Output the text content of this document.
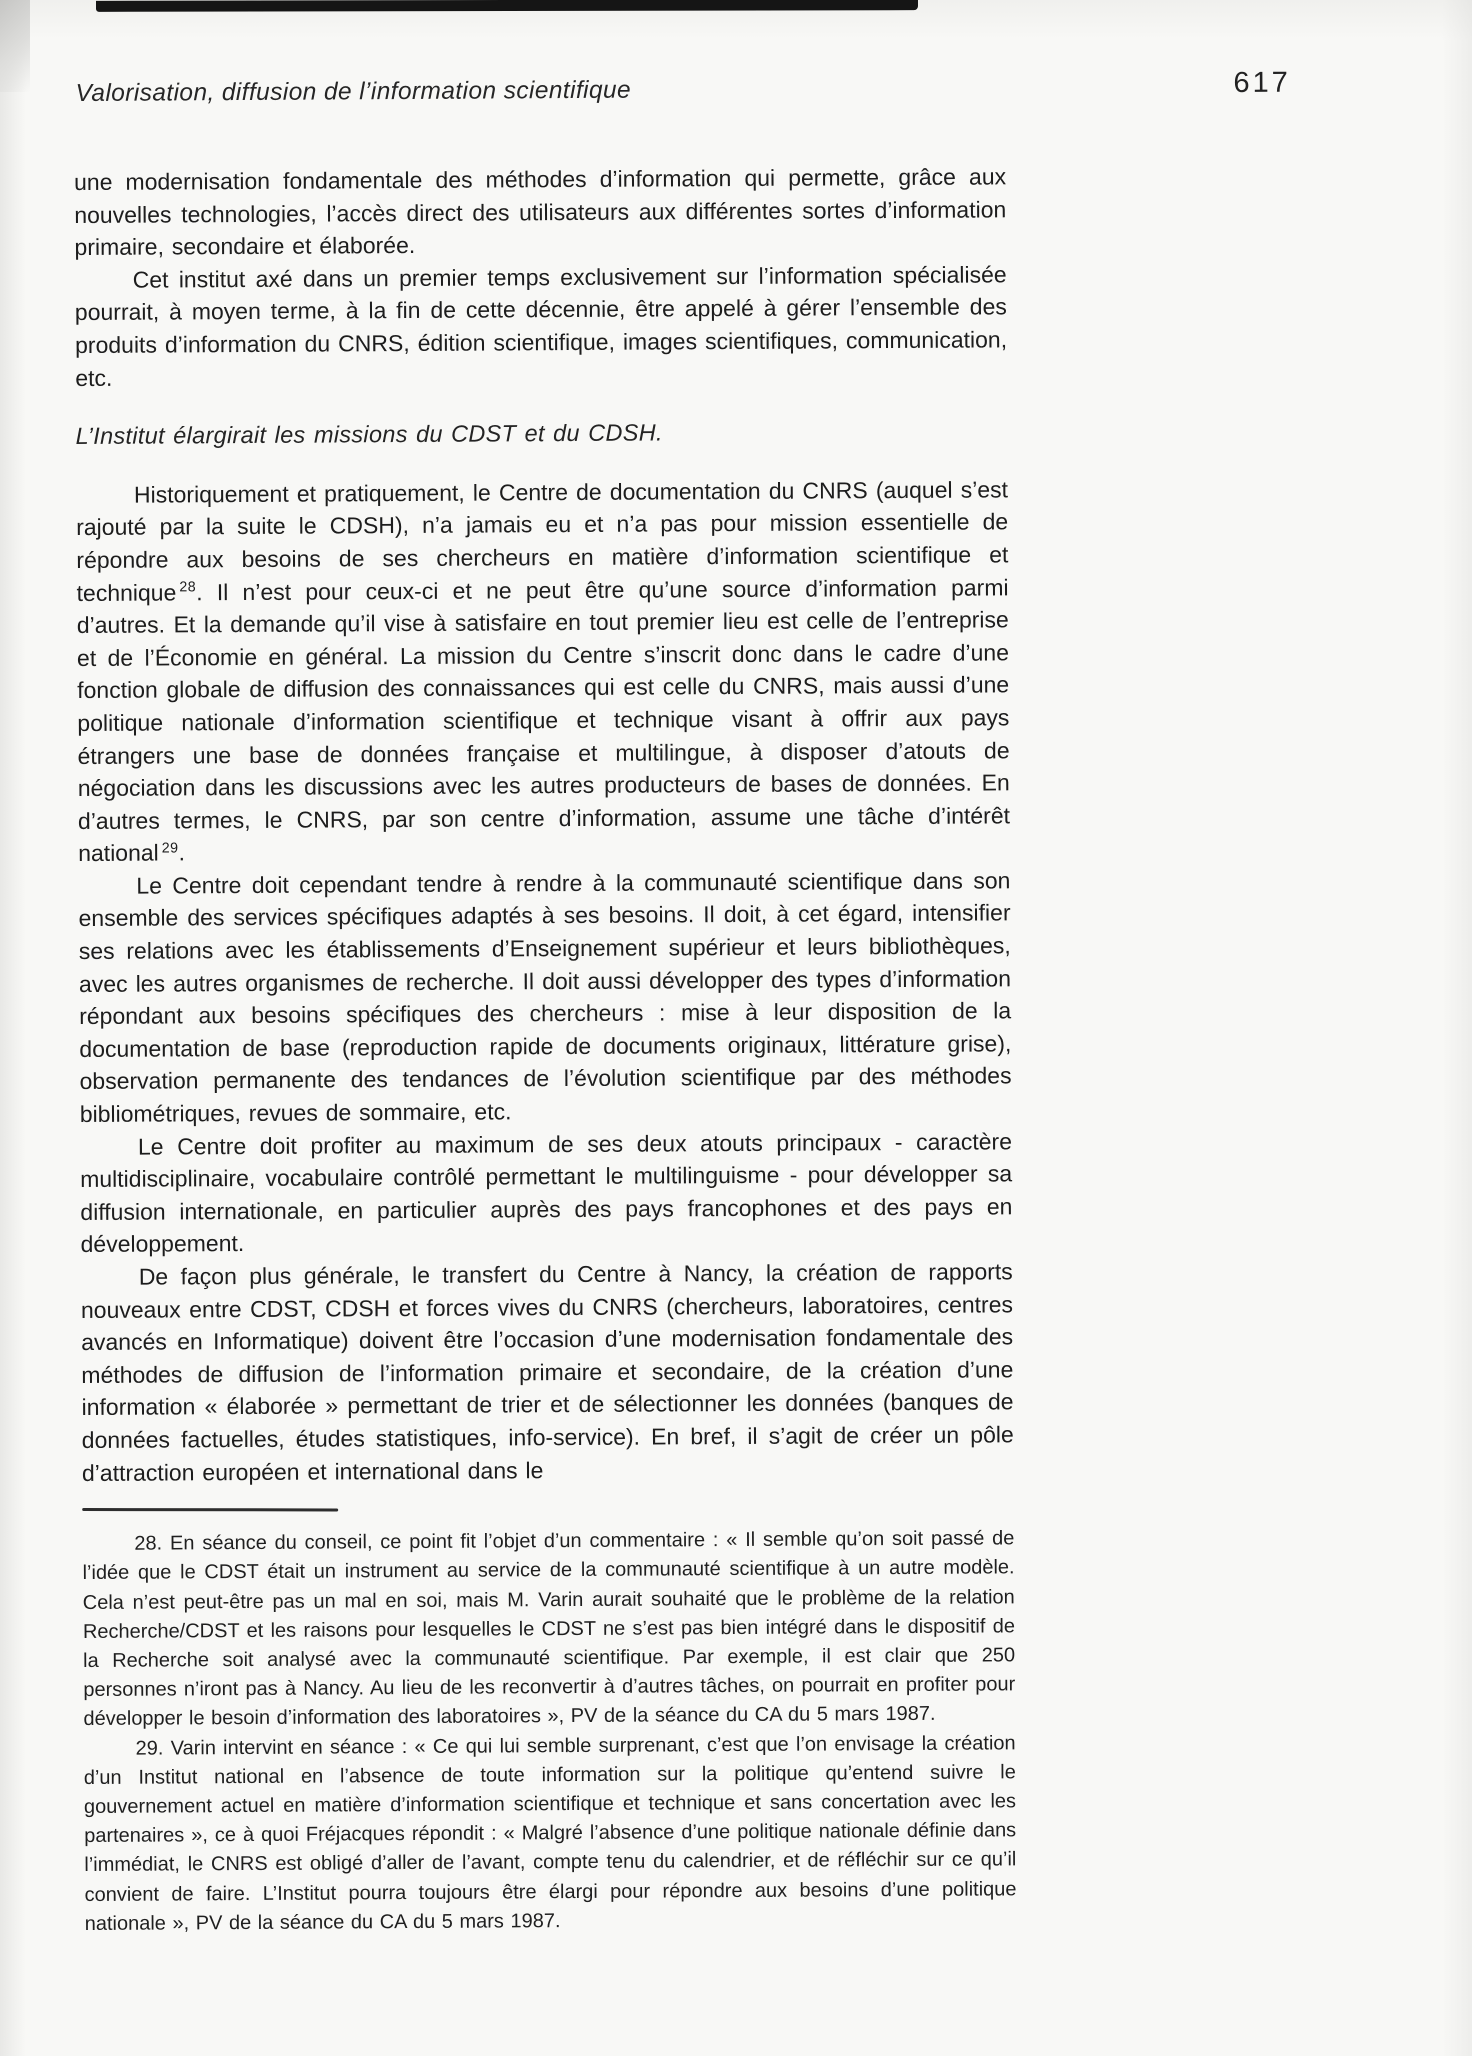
Valorisation, diffusion de l’information scientifique	617

une modernisation fondamentale des méthodes d’information qui permette, grâce aux nouvelles technologies, l’accès direct des utilisateurs aux différentes sortes d’information primaire, secondaire et élaborée.

Cet institut axé dans un premier temps exclusivement sur l’information spécialisée pourrait, à moyen terme, à la fin de cette décennie, être appelé à gérer l’ensemble des produits d’information du CNRS, édition scientifique, images scientifiques, communication, etc.

L’Institut élargirait les missions du CDST et du CDSH.

Historiquement et pratiquement, le Centre de documentation du CNRS (auquel s’est rajouté par la suite le CDSH), n’a jamais eu et n’a pas pour mission essentielle de répondre aux besoins de ses chercheurs en matière d’information scientifique et technique $^{28}$. Il n’est pour ceux-ci et ne peut être qu’une source d’information parmi d’autres. Et la demande qu’il vise à satisfaire en tout premier lieu est celle de l’entreprise et de l’Économie en général. La mission du Centre s’inscrit donc dans le cadre d’une fonction globale de diffusion des connaissances qui est celle du CNRS, mais aussi d’une politique nationale d’information scientifique et technique visant à offrir aux pays étrangers une base de données française et multilingue, à disposer d’atouts de négociation dans les discussions avec les autres producteurs de bases de données. En d’autres termes, le CNRS, par son centre d’information, assume une tâche d’intérêt national $^{29}$.

Le Centre doit cependant tendre à rendre à la communauté scientifique dans son ensemble des services spécifiques adaptés à ses besoins. Il doit, à cet égard, intensifier ses relations avec les établissements d’Enseignement supérieur et leurs bibliothèques, avec les autres organismes de recherche. Il doit aussi développer des types d’information répondant aux besoins spécifiques des chercheurs : mise à leur disposition de la documentation de base (reproduction rapide de documents originaux, littérature grise), observation permanente des tendances de l’évolution scientifique par des méthodes bibliométriques, revues de sommaire, etc.

Le Centre doit profiter au maximum de ses deux atouts principaux - caractère multidisciplinaire, vocabulaire contrôlé permettant le multilinguisme - pour développer sa diffusion internationale, en particulier auprès des pays francophones et des pays en développement.

De façon plus générale, le transfert du Centre à Nancy, la création de rapports nouveaux entre CDST, CDSH et forces vives du CNRS (chercheurs, laboratoires, centres avancés en Informatique) doivent être l’occasion d’une modernisation fondamentale des méthodes de diffusion de l’information primaire et secondaire, de la création d’une information « élaborée » permettant de trier et de sélectionner les données (banques de données factuelles, études statistiques, info-service). En bref, il s’agit de créer un pôle d’attraction européen et international dans le

28. En séance du conseil, ce point fit l’objet d’un commentaire : « Il semble qu’on soit passé de l’idée que le CDST était un instrument au service de la communauté scientifique à un autre modèle. Cela n’est peut-être pas un mal en soi, mais M. Varin aurait souhaité que le problème de la relation Recherche/CDST et les raisons pour lesquelles le CDST ne s’est pas bien intégré dans le dispositif de la Recherche soit analysé avec la communauté scientifique. Par exemple, il est clair que 250 personnes n’iront pas à Nancy. Au lieu de les reconvertir à d’autres tâches, on pourrait en profiter pour développer le besoin d’information des laboratoires », PV de la séance du CA du 5 mars 1987.

29. Varin intervint en séance : « Ce qui lui semble surprenant, c’est que l’on envisage la création d’un Institut national en l’absence de toute information sur la politique qu’entend suivre le gouvernement actuel en matière d’information scientifique et technique et sans concertation avec les partenaires », ce à quoi Fréjacques répondit : « Malgré l’absence d’une politique nationale définie dans l’immédiat, le CNRS est obligé d’aller de l’avant, compte tenu du calendrier, et de réfléchir sur ce qu’il convient de faire. L’Institut pourra toujours être élargi pour répondre aux besoins d’une politique nationale », PV de la séance du CA du 5 mars 1987.
